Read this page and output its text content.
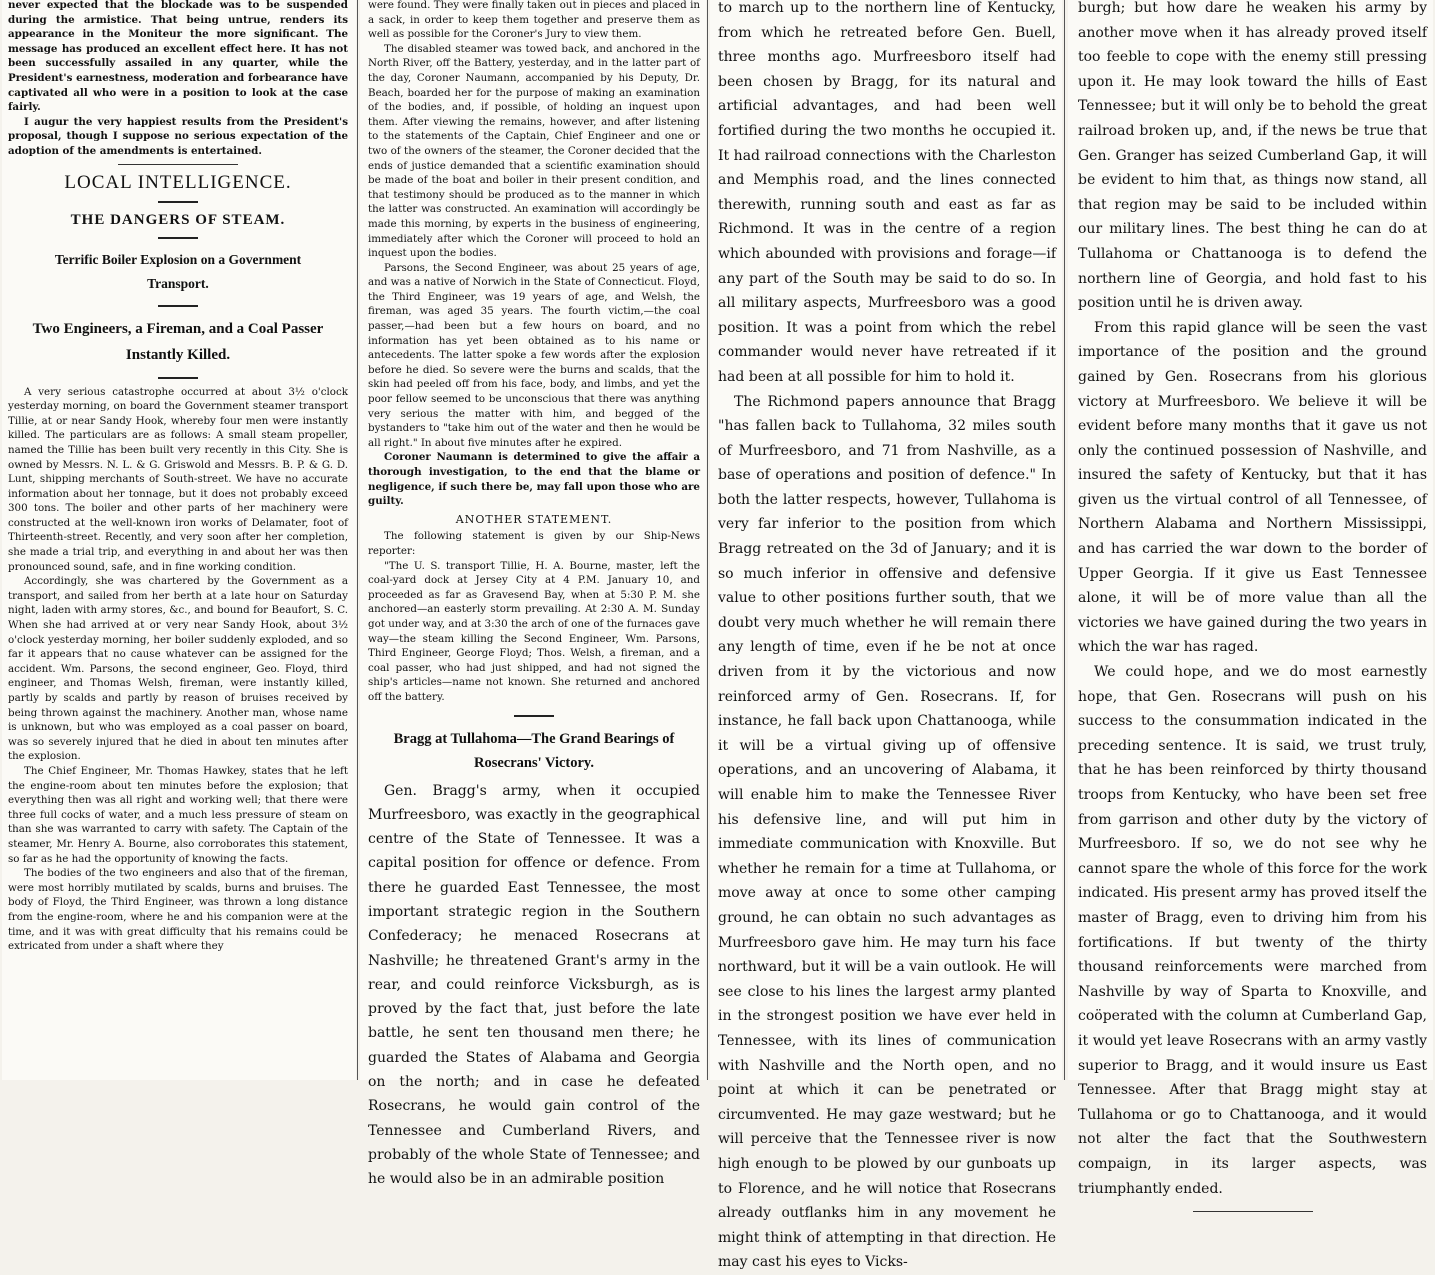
never expected that the blockade was to be suspended during the armistice. That being untrue, renders its appearance in the Moniteur the more significant. The message has produced an excellent effect here. It has not been successfully assailed in any quarter, while the President's earnestness, moderation and forbearance have captivated all who were in a position to look at the case fairly.

I augur the very happiest results from the President's proposal, though I suppose no serious expectation of the adoption of the amendments is entertained.

LOCAL INTELLIGENCE.

THE DANGERS OF STEAM.

Terrific Boiler Explosion on a Government Transport.

Two Engineers, a Fireman, and a Coal Passer Instantly Killed.

A very serious catastrophe occurred at about 3½ o'clock yesterday morning, on board the Government steamer transport Tillie, at or near Sandy Hook, whereby four men were instantly killed. The particulars are as follows: A small steam propeller, named the Tillie has been built very recently in this City. She is owned by Messrs. N. L. & G. Griswold and Messrs. B. P. & G. D. Lunt, shipping merchants of South-street. We have no accurate information about her tonnage, but it does not probably exceed 300 tons. The boiler and other parts of her machinery were constructed at the well-known iron works of Delamater, foot of Thirteenth-street. Recently, and very soon after her completion, she made a trial trip, and everything in and about her was then pronounced sound, safe, and in fine working condition.

Accordingly, she was chartered by the Government as a transport, and sailed from her berth at a late hour on Saturday night, laden with army stores, &c., and bound for Beaufort, S. C. When she had arrived at or very near Sandy Hook, about 3½ o'clock yesterday morning, her boiler suddenly exploded, and so far it appears that no cause whatever can be assigned for the accident. Wm. Parsons, the second engineer, Geo. Floyd, third engineer, and Thomas Welsh, fireman, were instantly killed, partly by scalds and partly by reason of bruises received by being thrown against the machinery. Another man, whose name is unknown, but who was employed as a coal passer on board, was so severely injured that he died in about ten minutes after the explosion.

The Chief Engineer, Mr. Thomas Hawkey, states that he left the engine-room about ten minutes before the explosion; that everything then was all right and working well; that there were three full cocks of water, and a much less pressure of steam on than she was warranted to carry with safety. The Captain of the steamer, Mr. Henry A. Bourne, also corroborates this statement, so far as he had the opportunity of knowing the facts.

The bodies of the two engineers and also that of the fireman, were most horribly mutilated by scalds, burns and bruises. The body of Floyd, the Third Engineer, was thrown a long distance from the engine-room, where he and his companion were at the time, and it was with great difficulty that his remains could be extricated from under a shaft where they

were found. They were finally taken out in pieces and placed in a sack, in order to keep them together and preserve them as well as possible for the Coroner's Jury to view them.

The disabled steamer was towed back, and anchored in the North River, off the Battery, yesterday, and in the latter part of the day, Coroner Naumann, accompanied by his Deputy, Dr. Beach, boarded her for the purpose of making an examination of the bodies, and, if possible, of holding an inquest upon them. After viewing the remains, however, and after listening to the statements of the Captain, Chief Engineer and one or two of the owners of the steamer, the Coroner decided that the ends of justice demanded that a scientific examination should be made of the boat and boiler in their present condition, and that testimony should be produced as to the manner in which the latter was constructed. An examination will accordingly be made this morning, by experts in the business of engineering, immediately after which the Coroner will proceed to hold an inquest upon the bodies.

Parsons, the Second Engineer, was about 25 years of age, and was a native of Norwich in the State of Connecticut. Floyd, the Third Engineer, was 19 years of age, and Welsh, the fireman, was aged 35 years. The fourth victim,—the coal passer,—had been but a few hours on board, and no information has yet been obtained as to his name or antecedents. The latter spoke a few words after the explosion before he died. So severe were the burns and scalds, that the skin had peeled off from his face, body, and limbs, and yet the poor fellow seemed to be unconscious that there was anything very serious the matter with him, and begged of the bystanders to "take him out of the water and then he would be all right." In about five minutes after he expired.

Coroner Naumann is determined to give the affair a thorough investigation, to the end that the blame or negligence, if such there be, may fall upon those who are guilty.

ANOTHER STATEMENT.

The following statement is given by our Ship-News reporter:

"The U. S. transport Tillie, H. A. Bourne, master, left the coal-yard dock at Jersey City at 4 P.M. January 10, and proceeded as far as Gravesend Bay, when at 5:30 P. M. she anchored—an easterly storm prevailing. At 2:30 A. M. Sunday got under way, and at 3:30 the arch of one of the furnaces gave way—the steam killing the Second Engineer, Wm. Parsons, Third Engineer, George Floyd; Thos. Welsh, a fireman, and a coal passer, who had just shipped, and had not signed the ship's articles—name not known. She returned and anchored off the battery.

Bragg at Tullahoma—The Grand Bearings of Rosecrans' Victory.

Gen. Bragg's army, when it occupied Murfreesboro, was exactly in the geographical centre of the State of Tennessee. It was a capital position for offence or defence. From there he guarded East Tennessee, the most important strategic region in the Southern Confederacy; he menaced Rosecrans at Nashville; he threatened Grant's army in the rear, and could reinforce Vicksburgh, as is proved by the fact that, just before the late battle, he sent ten thousand men there; he guarded the States of Alabama and Georgia on the north; and in case he defeated Rosecrans, he would gain control of the Tennessee and Cumberland Rivers, and probably of the whole State of Tennessee; and he would also be in an admirable position

to march up to the northern line of Kentucky, from which he retreated before Gen. Buell, three months ago. Murfreesboro itself had been chosen by Bragg, for its natural and artificial advantages, and had been well fortified during the two months he occupied it. It had railroad connections with the Charleston and Memphis road, and the lines connected therewith, running south and east as far as Richmond. It was in the centre of a region which abounded with provisions and forage—if any part of the South may be said to do so. In all military aspects, Murfreesboro was a good position. It was a point from which the rebel commander would never have retreated if it had been at all possible for him to hold it.

The Richmond papers announce that Bragg "has fallen back to Tullahoma, 32 miles south of Murfreesboro, and 71 from Nashville, as a base of operations and position of defence." In both the latter respects, however, Tullahoma is very far inferior to the position from which Bragg retreated on the 3d of January; and it is so much inferior in offensive and defensive value to other positions further south, that we doubt very much whether he will remain there any length of time, even if he be not at once driven from it by the victorious and now reinforced army of Gen. Rosecrans. If, for instance, he fall back upon Chattanooga, while it will be a virtual giving up of offensive operations, and an uncovering of Alabama, it will enable him to make the Tennessee River his defensive line, and will put him in immediate communication with Knoxville. But whether he remain for a time at Tullahoma, or move away at once to some other camping ground, he can obtain no such advantages as Murfreesboro gave him. He may turn his face northward, but it will be a vain outlook. He will see close to his lines the largest army planted in the strongest position we have ever held in Tennessee, with its lines of communication with Nashville and the North open, and no point at which it can be penetrated or circumvented. He may gaze westward; but he will perceive that the Tennessee river is now high enough to be plowed by our gunboats up to Florence, and he will notice that Rosecrans already outflanks him in any movement he might think of attempting in that direction. He may cast his eyes to Vicks-

burgh; but how dare he weaken his army by another move when it has already proved itself too feeble to cope with the enemy still pressing upon it. He may look toward the hills of East Tennessee; but it will only be to behold the great railroad broken up, and, if the news be true that Gen. Granger has seized Cumberland Gap, it will be evident to him that, as things now stand, all that region may be said to be included within our military lines. The best thing he can do at Tullahoma or Chattanooga is to defend the northern line of Georgia, and hold fast to his position until he is driven away.

From this rapid glance will be seen the vast importance of the position and the ground gained by Gen. Rosecrans from his glorious victory at Murfreesboro. We believe it will be evident before many months that it gave us not only the continued possession of Nashville, and insured the safety of Kentucky, but that it has given us the virtual control of all Tennessee, of Northern Alabama and Northern Mississippi, and has carried the war down to the border of Upper Georgia. If it give us East Tennessee alone, it will be of more value than all the victories we have gained during the two years in which the war has raged.

We could hope, and we do most earnestly hope, that Gen. Rosecrans will push on his success to the consummation indicated in the preceding sentence. It is said, we trust truly, that he has been reinforced by thirty thousand troops from Kentucky, who have been set free from garrison and other duty by the victory of Murfreesboro. If so, we do not see why he cannot spare the whole of this force for the work indicated. His present army has proved itself the master of Bragg, even to driving him from his fortifications. If but twenty of the thirty thousand reinforcements were marched from Nashville by way of Sparta to Knoxville, and coöperated with the column at Cumberland Gap, it would yet leave Rosecrans with an army vastly superior to Bragg, and it would insure us East Tennessee. After that Bragg might stay at Tullahoma or go to Chattanooga, and it would not alter the fact that the Southwestern compaign, in its larger aspects, was triumphantly ended.
